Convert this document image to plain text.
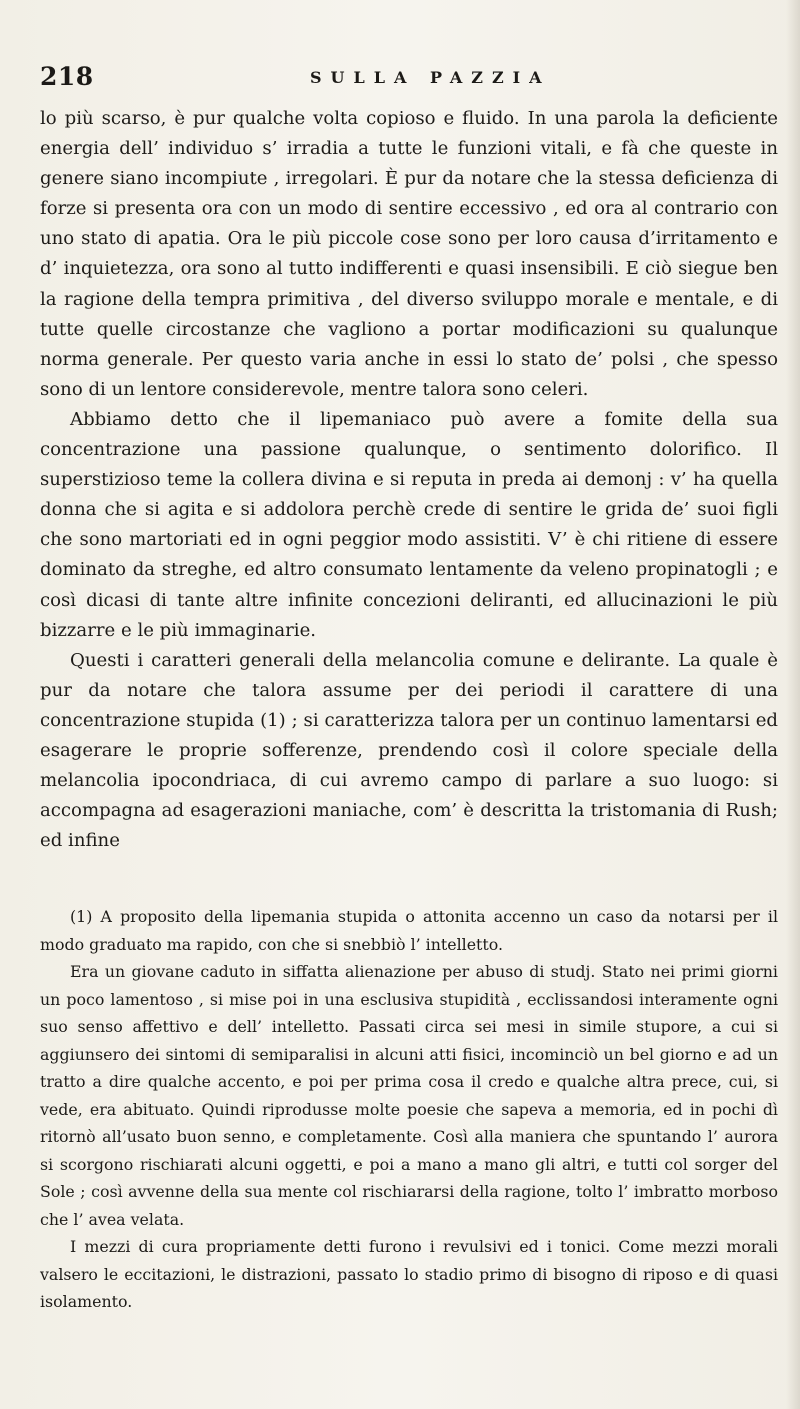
218	SULLA PAZZIA

lo più scarso, è pur qualche volta copioso e fluido. In una parola la deficiente energia dell’ individuo s’ irradia a tutte le funzioni vitali, e fà che queste in genere siano incompiute , irregolari. È pur da notare che la stessa deficienza di forze si presenta ora con un modo di sentire eccessivo , ed ora al contrario con uno stato di apatia. Ora le più piccole cose sono per loro causa d’irritamento e d’ inquietezza, ora sono al tutto indifferenti e quasi insensibili. E ciò siegue ben la ragione della tempra primitiva , del diverso sviluppo morale e mentale, e di tutte quelle circostanze che vagliono a portar modificazioni su qualunque norma generale. Per questo varia anche in essi lo stato de’ polsi , che spesso sono di un lentore considerevole, mentre talora sono celeri.

Abbiamo detto che il lipemaniaco può avere a fomite della sua concentrazione una passione qualunque, o sentimento dolorifico. Il superstizioso teme la collera divina e si reputa in preda ai demonj : v’ ha quella donna che si agita e si addolora perchè crede di sentire le grida de’ suoi figli che sono martoriati ed in ogni peggior modo assistiti. V’ è chi ritiene di essere dominato da streghe, ed altro consumato lentamente da veleno propinatogli ; e così dicasi di tante altre infinite concezioni deliranti, ed allucinazioni le più bizzarre e le più immaginarie.

Questi i caratteri generali della melancolia comune e delirante. La quale è pur da notare che talora assume per dei periodi il carattere di una concentrazione stupida (1) ; si caratterizza talora per un continuo lamentarsi ed esagerare le proprie sofferenze, prendendo così il colore speciale della melancolia ipocondriaca, di cui avremo campo di parlare a suo luogo: si accompagna ad esagerazioni maniache, com’ è descritta la tristomania di Rush; ed infine

(1) A proposito della lipemania stupida o attonita accenno un caso da notarsi per il modo graduato ma rapido, con che si snebbiò l’ intelletto.

Era un giovane caduto in siffatta alienazione per abuso di studj. Stato nei primi giorni un poco lamentoso , si mise poi in una esclusiva stupidità , ecclissandosi interamente ogni suo senso affettivo e dell’ intelletto. Passati circa sei mesi in simile stupore, a cui si aggiunsero dei sintomi di semiparalisi in alcuni atti fisici, incominciò un bel giorno e ad un tratto a dire qualche accento, e poi per prima cosa il credo e qualche altra prece, cui, si vede, era abituato. Quindi riprodusse molte poesie che sapeva a memoria, ed in pochi dì ritornò all’usato buon senno, e completamente. Così alla maniera che spuntando l’ aurora si scorgono rischiarati alcuni oggetti, e poi a mano a mano gli altri, e tutti col sorger del Sole ; così avvenne della sua mente col rischiararsi della ragione, tolto l’ imbratto morboso che l’ avea velata.

I mezzi di cura propriamente detti furono i revulsivi ed i tonici. Come mezzi morali valsero le eccitazioni, le distrazioni, passato lo stadio primo di bisogno di riposo e di quasi isolamento.
